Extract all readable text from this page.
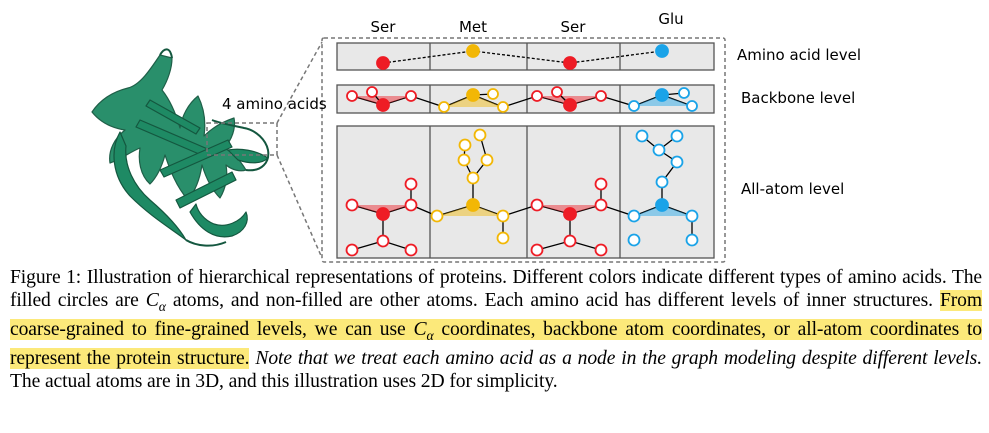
4 amino acids
Ser	Met	Ser	Glu
Amino acid level
Backbone level
All-atom level

Figure 1: Illustration of hierarchical representations of proteins. Different colors indicate different types of amino acids. The filled circles are $C_\alpha$ atoms, and non-filled are other atoms. Each amino acid has different levels of inner structures. From coarse-grained to fine-grained levels, we can use $C_\alpha$ coordinates, backbone atom coordinates, or all-atom coordinates to represent the protein structure. Note that we treat each amino acid as a node in the graph modeling despite different levels. The actual atoms are in 3D, and this illustration uses 2D for simplicity.
